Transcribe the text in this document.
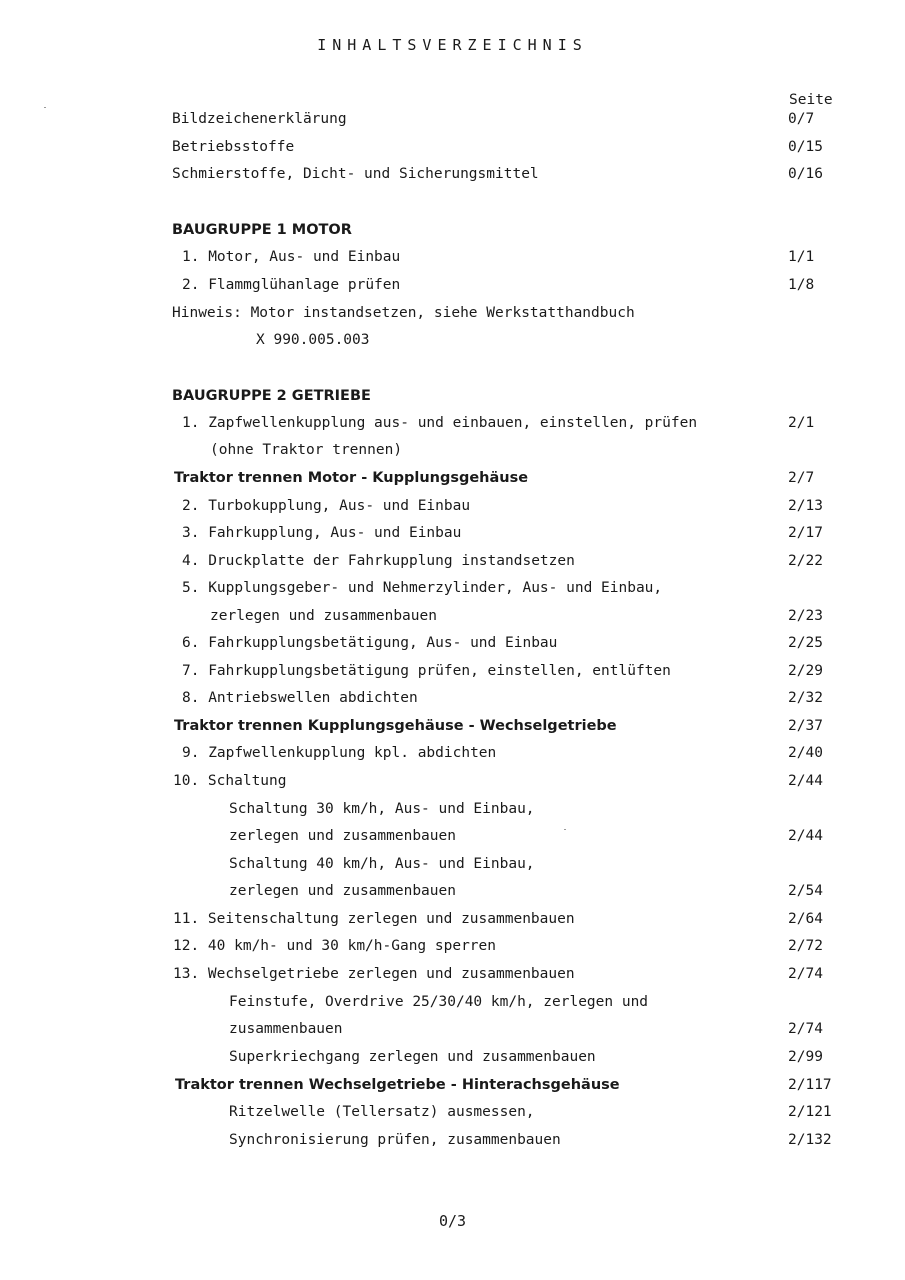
INHALTSVERZEICHNIS
Seite
Bildzeichenerklärung	0/7
Betriebsstoffe	0/15
Schmierstoffe, Dicht- und Sicherungsmittel	0/16
BAUGRUPPE 1 MOTOR
1. Motor, Aus- und Einbau	1/1
2. Flammglühanlage prüfen	1/8
Hinweis: Motor instandsetzen, siehe Werkstatthandbuch
X 990.005.003
BAUGRUPPE 2 GETRIEBE
1. Zapfwellenkupplung aus- und einbauen, einstellen, prüfen	2/1
(ohne Traktor trennen)
Traktor trennen Motor - Kupplungsgehäuse	2/7
2. Turbokupplung, Aus- und Einbau	2/13
3. Fahrkupplung, Aus- und Einbau	2/17
4. Druckplatte der Fahrkupplung instandsetzen	2/22
5. Kupplungsgeber- und Nehmerzylinder, Aus- und Einbau,
zerlegen und zusammenbauen	2/23
6. Fahrkupplungsbetätigung, Aus- und Einbau	2/25
7. Fahrkupplungsbetätigung prüfen, einstellen, entlüften	2/29
8. Antriebswellen abdichten	2/32
Traktor trennen Kupplungsgehäuse - Wechselgetriebe	2/37
9. Zapfwellenkupplung kpl. abdichten	2/40
10. Schaltung	2/44
Schaltung 30 km/h, Aus- und Einbau,
zerlegen und zusammenbauen	2/44
Schaltung 40 km/h, Aus- und Einbau,
zerlegen und zusammenbauen	2/54
11. Seitenschaltung zerlegen und zusammenbauen	2/64
12. 40 km/h- und 30 km/h-Gang sperren	2/72
13. Wechselgetriebe zerlegen und zusammenbauen	2/74
Feinstufe, Overdrive 25/30/40 km/h, zerlegen und
zusammenbauen	2/74
Superkriechgang zerlegen und zusammenbauen	2/99
Traktor trennen Wechselgetriebe - Hinterachsgehäuse	2/117
Ritzelwelle (Tellersatz) ausmessen,	2/121
Synchronisierung prüfen, zusammenbauen	2/132
0/3
